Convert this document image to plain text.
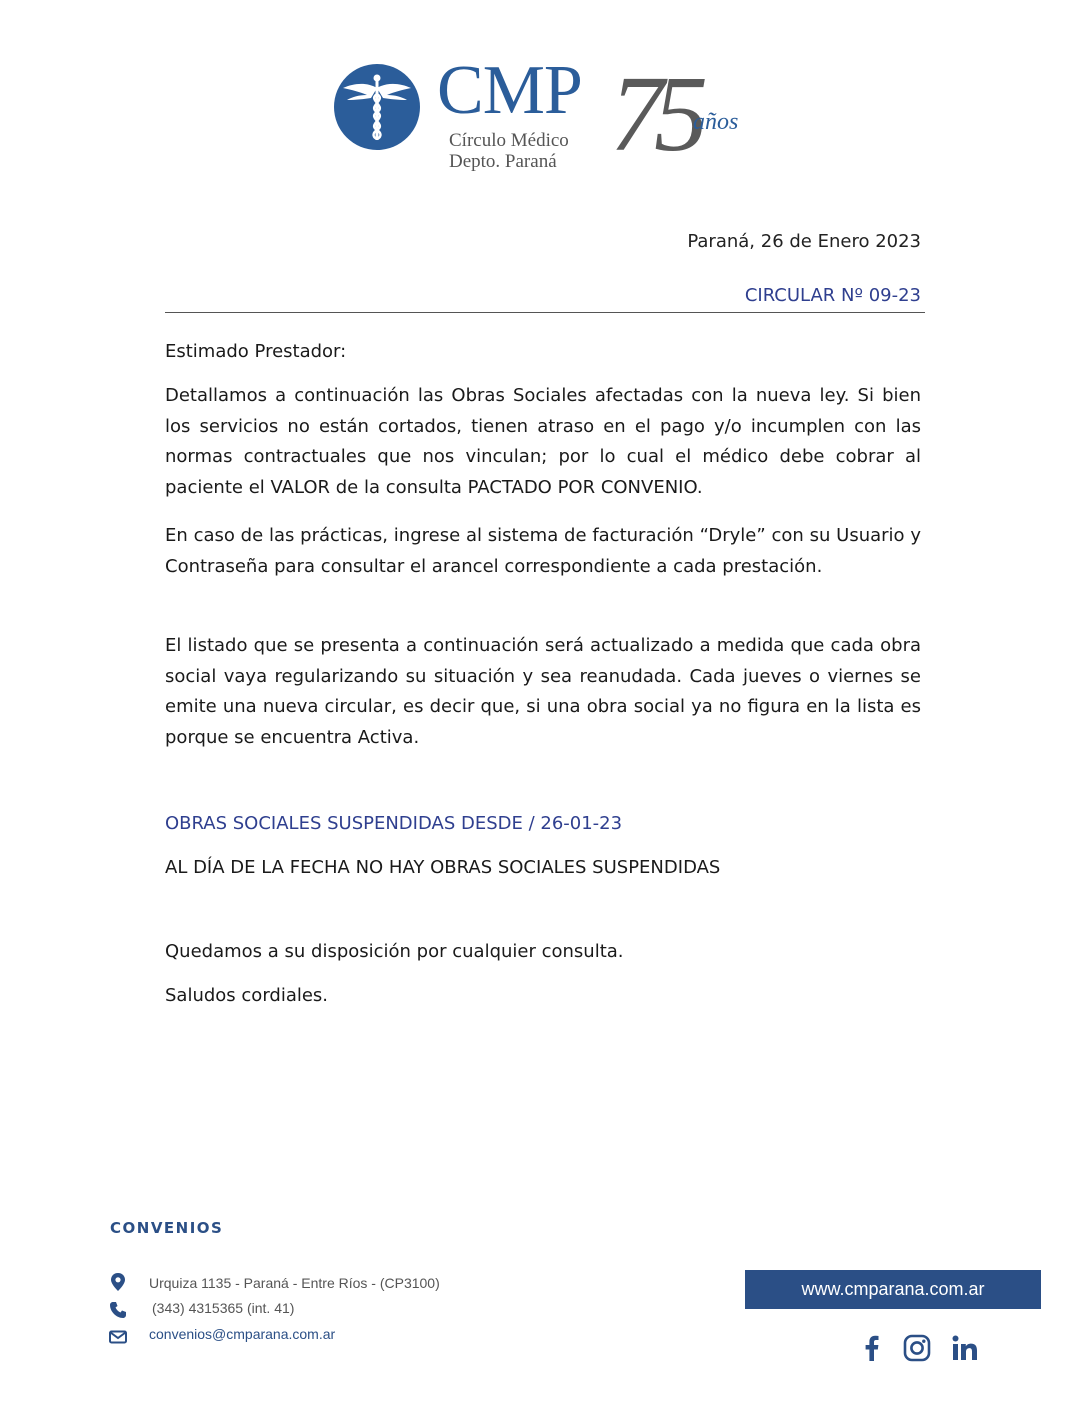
CMP
Círculo Médico
Depto. Paraná 75
años
Paraná, 26 de Enero 2023
CIRCULAR Nº 09-23

Estimado Prestador:

Detallamos a continuación las Obras Sociales afectadas con la nueva ley. Si bien los servicios no están cortados, tienen atraso en el pago y/o incumplen con las normas contractuales que nos vinculan; por lo cual el médico debe cobrar al paciente el VALOR de la consulta PACTADO POR CONVENIO.

En caso de las prácticas, ingrese al sistema de facturación “Dryle” con su Usuario y Contraseña para consultar el arancel correspondiente a cada prestación.

El listado que se presenta a continuación será actualizado a medida que cada obra social vaya regularizando su situación y sea reanudada. Cada jueves o viernes se emite una nueva circular, es decir que, si una obra social ya no figura en la lista es porque se encuentra Activa.

OBRAS SOCIALES SUSPENDIDAS DESDE / 26-01-23
AL DÍA DE LA FECHA NO HAY OBRAS SOCIALES SUSPENDIDAS
Quedamos a su disposición por cualquier consulta.
Saludos cordiales.
CONVENIOS
Urquiza 1135 - Paraná - Entre Ríos - (CP3100)
(343) 4315365 (int. 41)
convenios@cmparana.com.ar
www.cmparana.com.ar
